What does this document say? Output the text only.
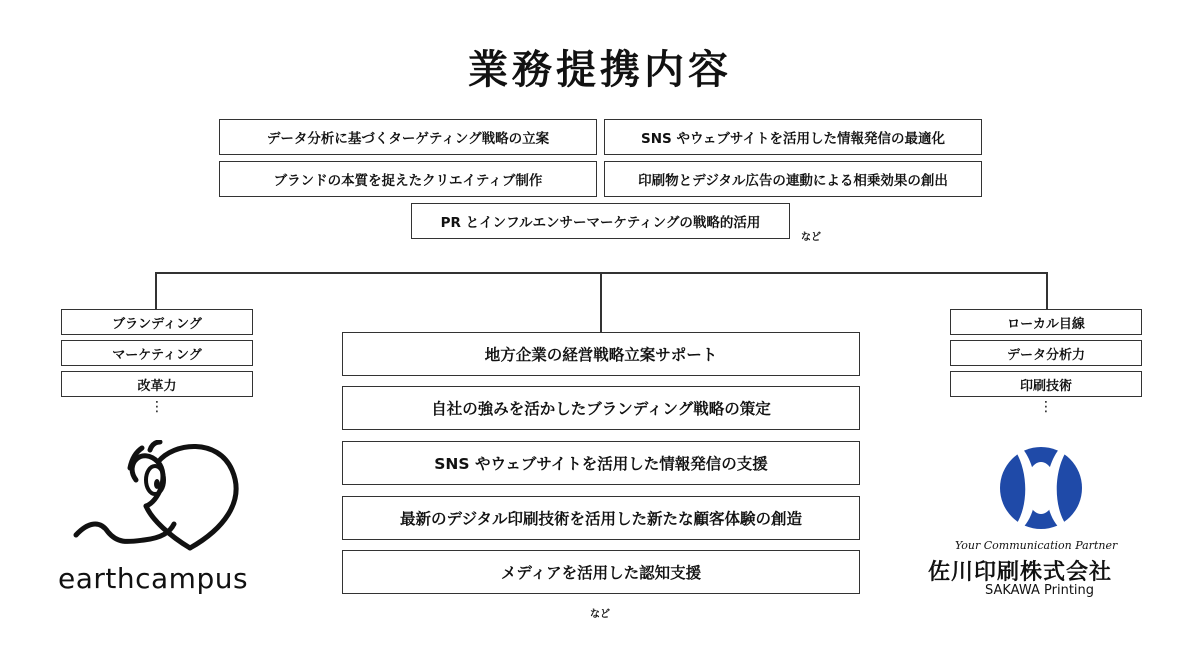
業務提携内容
データ分析に基づくターゲティング戦略の立案	SNS やウェブサイトを活用した情報発信の最適化
ブランドの本質を捉えたクリエイティブ制作	印刷物とデジタル広告の連動による相乗効果の創出
PR とインフルエンサーマーケティングの戦略的活用
など
ブランディング
マーケティング
改革力
⋮
ローカル目線
データ分析力
印刷技術
⋮
地方企業の経営戦略立案サポート
自社の強みを活かしたブランディング戦略の策定
SNS やウェブサイトを活用した情報発信の支援
最新のデジタル印刷技術を活用した新たな顧客体験の創造
メディアを活用した認知支援
など
earthcampus
Your Communication Partner
佐川印刷株式会社
SAKAWA Printing
